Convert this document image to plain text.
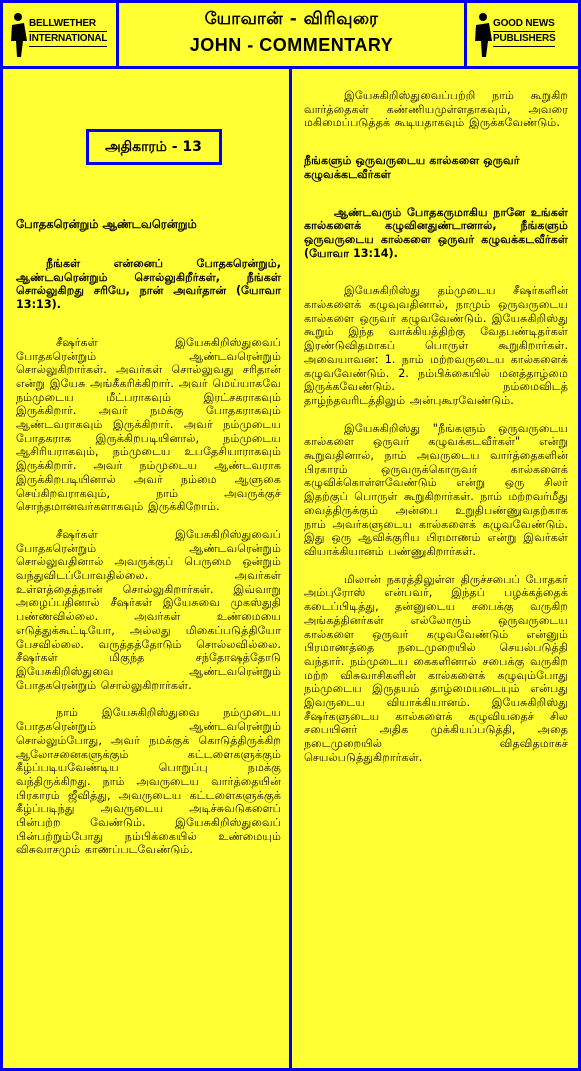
BELLWETHER
INTERNATIONAL
யோவான் - விரிவுரை
JOHN - COMMENTARY
GOOD NEWS
PUBLISHERS
அதிகாரம் - 13
போதகரென்றும் ஆண்டவரென்றும்

நீங்கள் என்னைப் போதகரென்றும், ஆண்டவரென்றும் சொல்லுகிறீர்கள், நீங்கள் சொல்லுகிறது சரியே, நான் அவர்தான் (யோவா 13:13).

சீஷர்கள் இயேசுகிறிஸ்துவைப் போதகரென்றும் ஆண்டவரென்றும் சொல்லுகிறார்கள். அவர்கள் சொல்லுவது சரிதான் என்று இயேசு அங்கீகரிக்கிறார். அவர் மெய்யாகவே நம்முடைய மீட்பராகவும் இரட்சகராகவும் இருக்கிறார். அவர் நமக்கு போதகராகவும் ஆண்டவராகவும் இருக்கிறார். அவர் நம்முடைய போதகராக இருக்கிறபடியினால், நம்முடைய ஆசிரியராகவும், நம்முடைய உபதேசியாராகவும் இருக்கிறார். அவர் நம்முடைய ஆண்டவராக இருக்கிறபடியினால் அவர் நம்மை ஆளுகை செய்கிறவராகவும், நாம் அவருக்குச் சொந்தமானவர்களாகவும் இருக்கிறோம்.

சீஷர்கள் இயேசுகிறிஸ்துவைப் போதகரென்றும் ஆண்டவரென்றும் சொல்லுவதினால் அவருக்குப் பெருமை ஒன்றும் வந்துவிடப்போவதில்லை. அவர்கள் உள்ளத்தைத்தான் சொல்லுகிறார்கள். இவ்வாறு அழைப்பதினால் சீஷர்கள் இயேசுவை முகஸ்துதி பண்ணவில்லை. அவர்கள் உண்மையை எடுத்துக்கூட்டியோ, அல்லது மிகைப்படுத்தியோ பேசவில்லை. வருத்தத்தோடும் சொல்லவில்லை. சீஷர்கள் மிகுந்த சந்தோஷத்தோடு இயேசுகிறிஸ்துவை ஆண்டவரென்றும் போதகரென்றும் சொல்லுகிறார்கள்.

நாம் இயேசுகிறிஸ்துவை நம்முடைய போதகரென்றும் ஆண்டவரென்றும் சொல்லும்போது, அவர் நமக்குக் கொடுத்திருக்கிற ஆலோசனைகளுக்கும் கட்டளைகளுக்கும் கீழ்ப்படியவேண்டிய பொறுப்பு நமக்கு வந்திருக்கிறது. நாம் அவருடைய வார்த்தையின் பிரகாரம் ஜீவித்து, அவருடைய கட்டளைகளுக்குக் கீழ்ப்படிந்து அவருடைய அடிச்சுவடுகளைப் பின்பற்ற வேண்டும். இயேசுகிறிஸ்துவைப் பின்பற்றும்போது நம்பிக்கையில் உண்மையும் விசுவாசமும் காணப்படவேண்டும்.

இயேசுகிறிஸ்துவைப்பற்றி நாம் கூறுகிற வார்த்தைகள் கண்ணியமுள்ளதாகவும், அவரை மகிமைப்படுத்தக் கூடியதாகவும் இருக்கவேண்டும்.

நீங்களும் ஒருவருடைய கால்களை ஒருவர் கழுவக்கடவீர்கள்

ஆண்டவரும் போதகருமாகிய நானே உங்கள் கால்களைக் கழுவினதுண்டானால், நீங்களும் ஒருவருடைய கால்களை ஒருவர் கழுவக்கடவீர்கள் (யோவா 13:14).

இயேசுகிறிஸ்து தம்முடைய சீஷர்களின் கால்களைக் கழுவுவதினால், நாமும் ஒருவருடைய கால்களை ஒருவர் கழுவவேண்டும். இயேசுகிறிஸ்து கூறும் இந்த வாக்கியத்திற்கு வேதபண்டிதர்கள் இரண்டுவிதமாகப் பொருள் கூறுகிறார்கள். அவையாவன: 1. நாம் மற்றவருடைய கால்களைக் கழுவவேண்டும். 2. நம்பிக்கையில் மனத்தாழ்மை இருக்கவேண்டும். நம்மைவிடத் தாழ்ந்தவரிடத்திலும் அன்புகூரவேண்டும்.

இயேசுகிறிஸ்து "நீங்களும் ஒருவருடைய கால்களை ஒருவர் கழுவக்கடவீர்கள்" என்று கூறுவதினால், நாம் அவருடைய வார்த்தைகளின் பிரகாரம் ஒருவருக்கொருவர் கால்களைக் கழுவிக்கொள்ளவேண்டும் என்று ஒரு சிலர் இதற்குப் பொருள் கூறுகிறார்கள். நாம் மற்றவர்மீது வைத்திருக்கும் அன்பை உறுதிபண்ணுவதற்காக நாம் அவர்களுடைய கால்களைக் கழுவவேண்டும். இது ஒரு ஆவிக்குரிய பிரமாணம் என்று இவர்கள் வியாக்கியானம் பண்ணுகிறார்கள்.

மிலான் நகரத்திலுள்ள திருச்சபைப் போதகர் அம்புரோஸ் என்பவர், இந்தப் பழக்கத்தைக் கடைப்பிடித்து, தன்னுடைய சபைக்கு வருகிற அங்கத்தினர்கள் எல்லோரும் ஒருவருடைய கால்களை ஒருவர் கழுவவேண்டும் என்னும் பிரமாணத்தை நடைமுறையில் செயல்படுத்தி வந்தார். நம்முடைய கைகளினால் சபைக்கு வருகிற மற்ற விசுவாசிகளின் கால்களைக் கழுவும்போது நம்முடைய இருதயம் தாழ்மையடையும் என்பது இவருடைய வியாக்கியானம். இயேசுகிறிஸ்து சீஷர்களுடைய கால்களைக் கழுவியதைச் சில சபையினர் அதிக முக்கியப்படுத்தி, அதை நடைமுறையில் விதவிதமாகச் செயல்படுத்துகிறார்கள்.
